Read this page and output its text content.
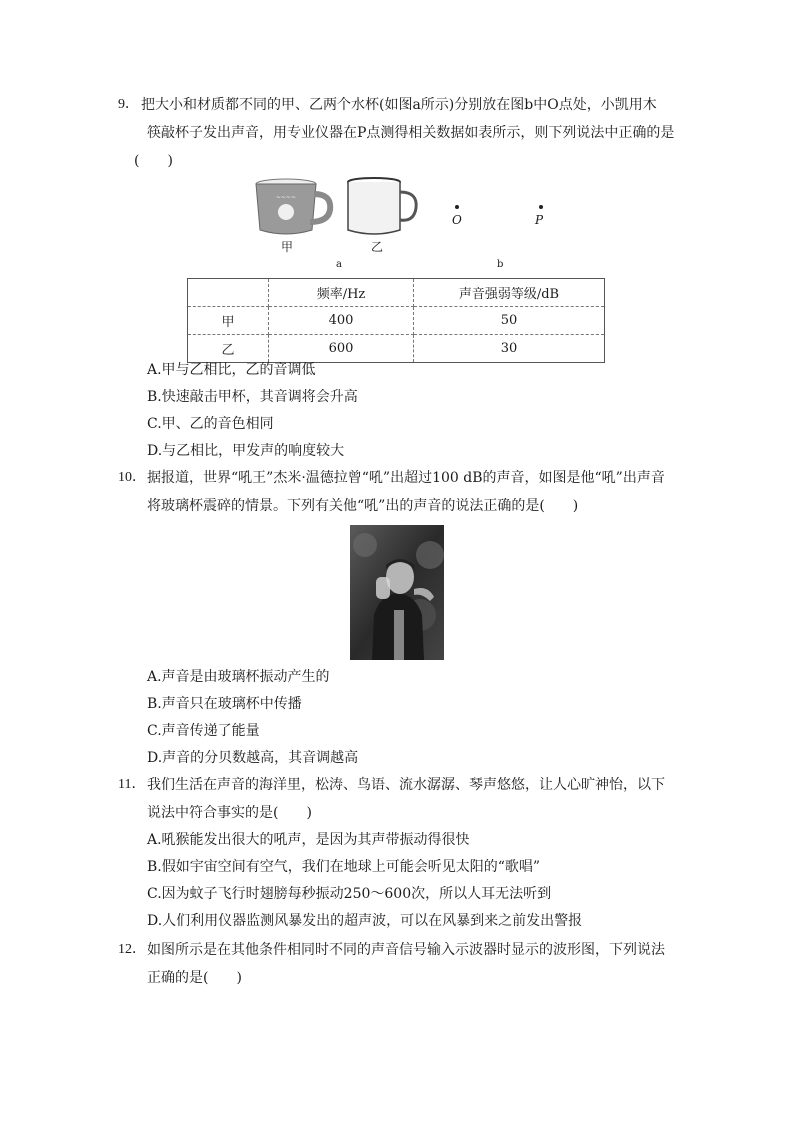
9． 把大小和材质都不同的甲、乙两个水杯(如图a所示)分别放在图b中O点处，小凯用木
筷敲杯子发出声音，用专业仪器在P点测得相关数据如表所示，则下列说法中正确的是
(　　)
~~~~
甲	乙
a
O	P
b
	频率/Hz	声音强弱等级/dB
甲	400	50
乙	600	30
A.甲与乙相比，乙的音调低
B.快速敲击甲杯，其音调将会升高
C.甲、乙的音色相同
D.与乙相比，甲发声的响度较大
10． 据报道，世界“吼王”杰米·温德拉曾“吼”出超过100 dB的声音，如图是他“吼”出声音
将玻璃杯震碎的情景。下列有关他“吼”出的声音的说法正确的是(　　)
A.声音是由玻璃杯振动产生的
B.声音只在玻璃杯中传播
C.声音传递了能量
D.声音的分贝数越高，其音调越高
11． 我们生活在声音的海洋里，松涛、鸟语、流水潺潺、琴声悠悠，让人心旷神怡，以下
说法中符合事实的是(　　)
A.吼猴能发出很大的吼声，是因为其声带振动得很快
B.假如宇宙空间有空气，我们在地球上可能会听见太阳的“歌唱”
C.因为蚊子飞行时翅膀每秒振动250～600次，所以人耳无法听到
D.人们利用仪器监测风暴发出的超声波，可以在风暴到来之前发出警报
12． 如图所示是在其他条件相同时不同的声音信号输入示波器时显示的波形图，下列说法
正确的是(　　)
